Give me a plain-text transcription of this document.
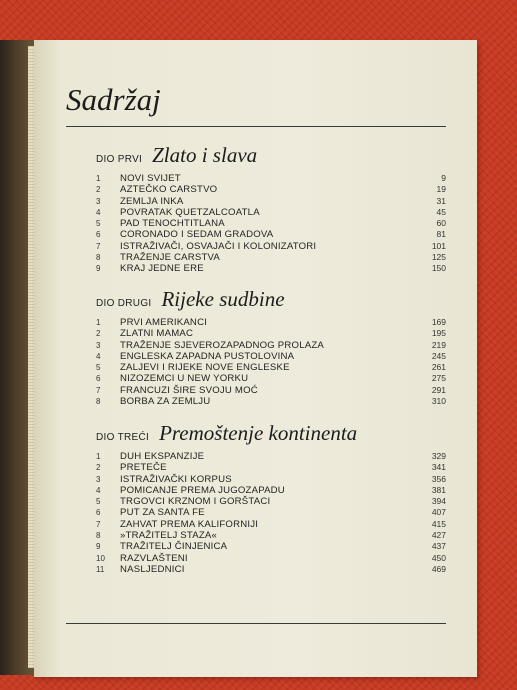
Sadržaj
DIO PRVI Zlato i slava
1	NOVI SVIJET	9
2	AZTEČKO CARSTVO	19
3	ZEMLJA INKA	31
4	POVRATAK QUETZALCOATLA	45
5	PAD TENOCHTITLANA	60
6	CORONADO I SEDAM GRADOVA	81
7	ISTRAŽIVAČI, OSVAJAČI I KOLONIZATORI	101
8	TRAŽENJE CARSTVA	125
9	KRAJ JEDNE ERE	150
DIO DRUGI Rijeke sudbine
1	PRVI AMERIKANCI	169
2	ZLATNI MAMAC	195
3	TRAŽENJE SJEVEROZAPADNOG PROLAZA	219
4	ENGLESKA ZAPADNA PUSTOLOVINA	245
5	ZALJEVI I RIJEKE NOVE ENGLESKE	261
6	NIZOZEMCI U NEW YORKU	275
7	FRANCUZI ŠIRE SVOJU MOĆ	291
8	BORBA ZA ZEMLJU	310
DIO TREĆI Premoštenje kontinenta
1	DUH EKSPANZIJE	329
2	PRETEČE	341
3	ISTRAŽIVAČKI KORPUS	356
4	POMICANJE PREMA JUGOZAPADU	381
5	TRGOVCI KRZNOM I GORŠTACI	394
6	PUT ZA SANTA FE	407
7	ZAHVAT PREMA KALIFORNIJI	415
8	»TRAŽITELJ STAZA«	427
9	TRAŽITELJ ČINJENICA	437
10	RAZVLAŠTENI	450
11	NASLJEDNICI	469
